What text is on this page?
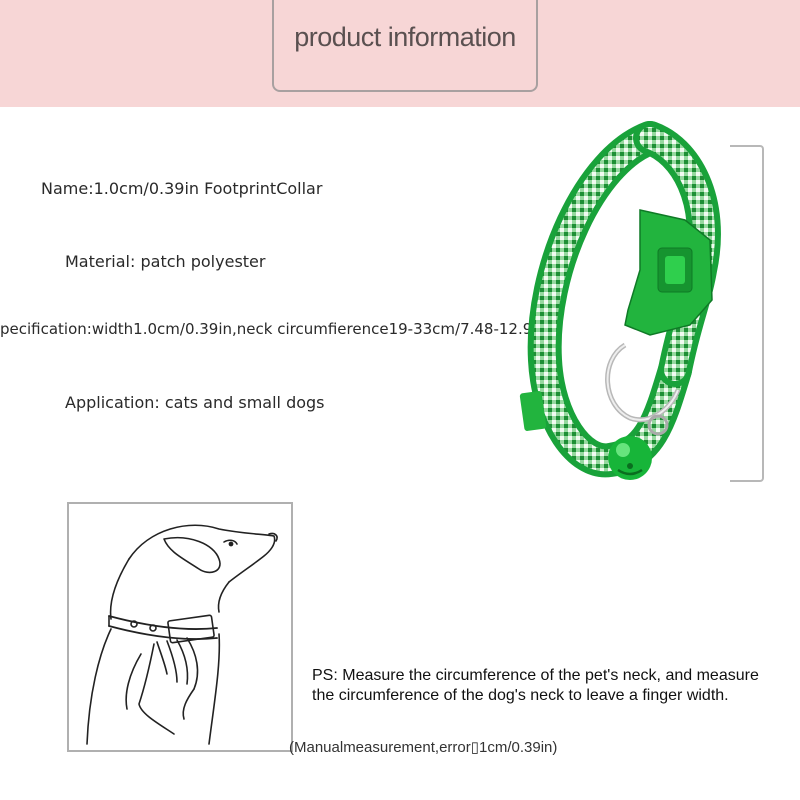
product information
Name:1.0cm/0.39in FootprintCollar
Material: patch polyester
pecification:width1.0cm/0.39in,neck circumfierence19-33cm/7.48-12.99in
Application: cats and small dogs
PS: Measure the circumference of the pet's neck, and measure the circumference of the dog's neck to leave a finger width.
(Manualmeasurement,error▯1cm/0.39in)
